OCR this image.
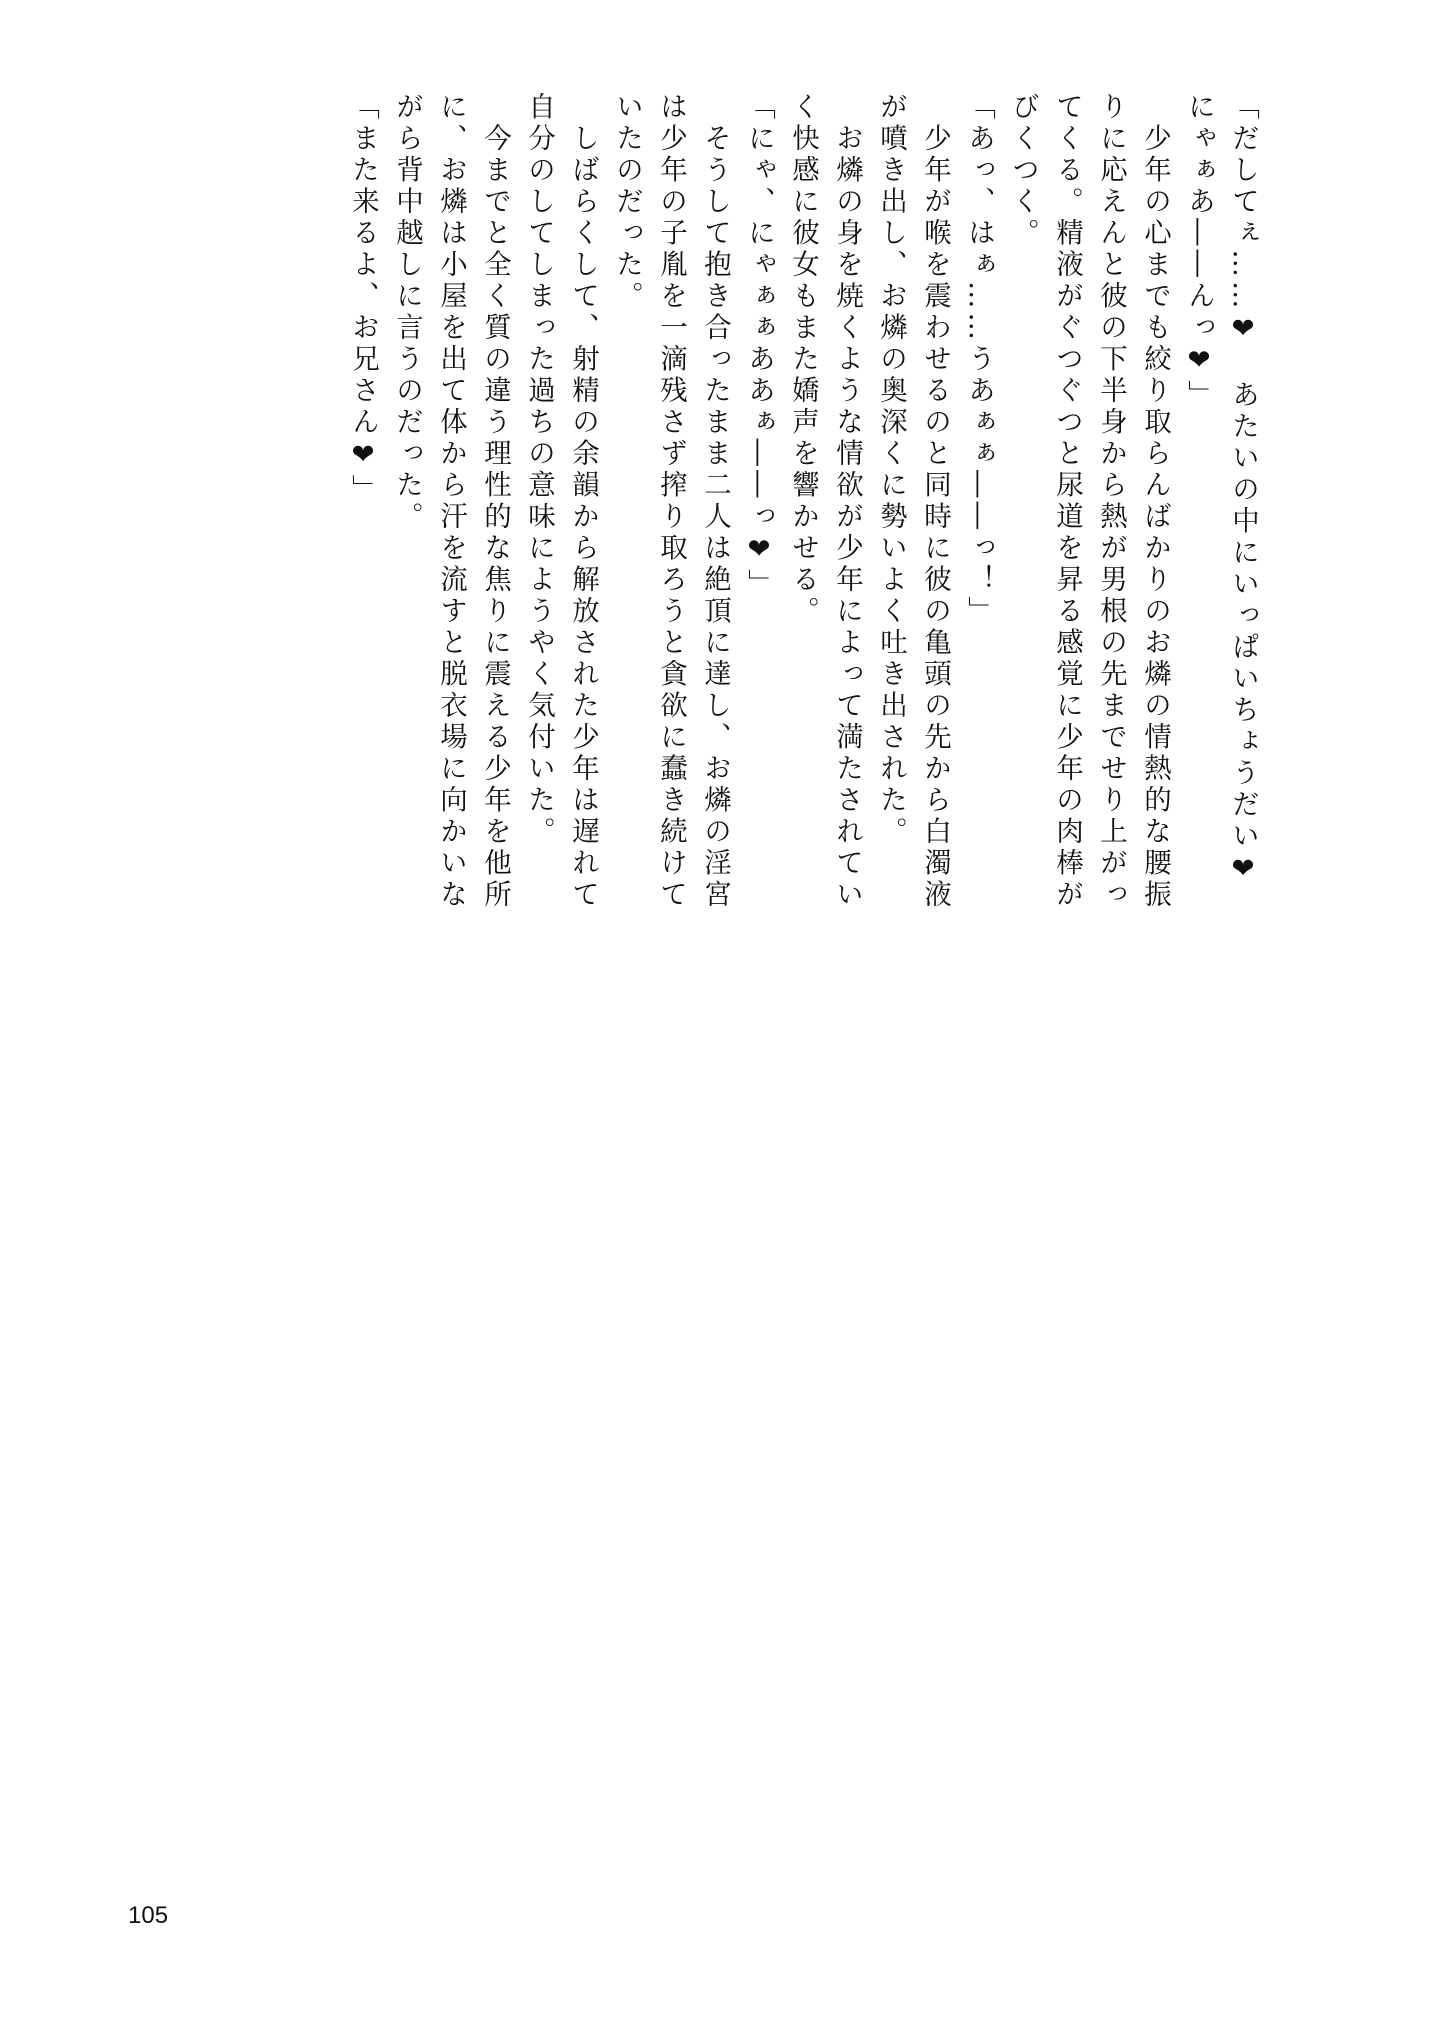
「だしてぇ……❤　あたいの中にいっぱいちょうだい❤
にゃぁあ――んっ❤」
　少年の心までも絞り取らんばかりのお燐の情熱的な腰振
りに応えんと彼の下半身から熱が男根の先までせり上がっ
てくる。精液がぐつぐつと尿道を昇る感覚に少年の肉棒が
びくつく。
「あっ、はぁ……うあぁぁ――っ！」
　少年が喉を震わせるのと同時に彼の亀頭の先から白濁液
が噴き出し、お燐の奥深くに勢いよく吐き出された。
　お燐の身を焼くような情欲が少年によって満たされてい
く快感に彼女もまた嬌声を響かせる。
「にゃ、にゃぁぁああぁ――っ❤」
　そうして抱き合ったまま二人は絶頂に達し、お燐の淫宮
は少年の子胤を一滴残さず搾り取ろうと貪欲に蠢き続けて
いたのだった。
　しばらくして、射精の余韻から解放された少年は遅れて
自分のしてしまった過ちの意味にようやく気付いた。
　今までと全く質の違う理性的な焦りに震える少年を他所
に、お燐は小屋を出て体から汗を流すと脱衣場に向かいな
がら背中越しに言うのだった。
「また来るよ、お兄さん❤」
105
